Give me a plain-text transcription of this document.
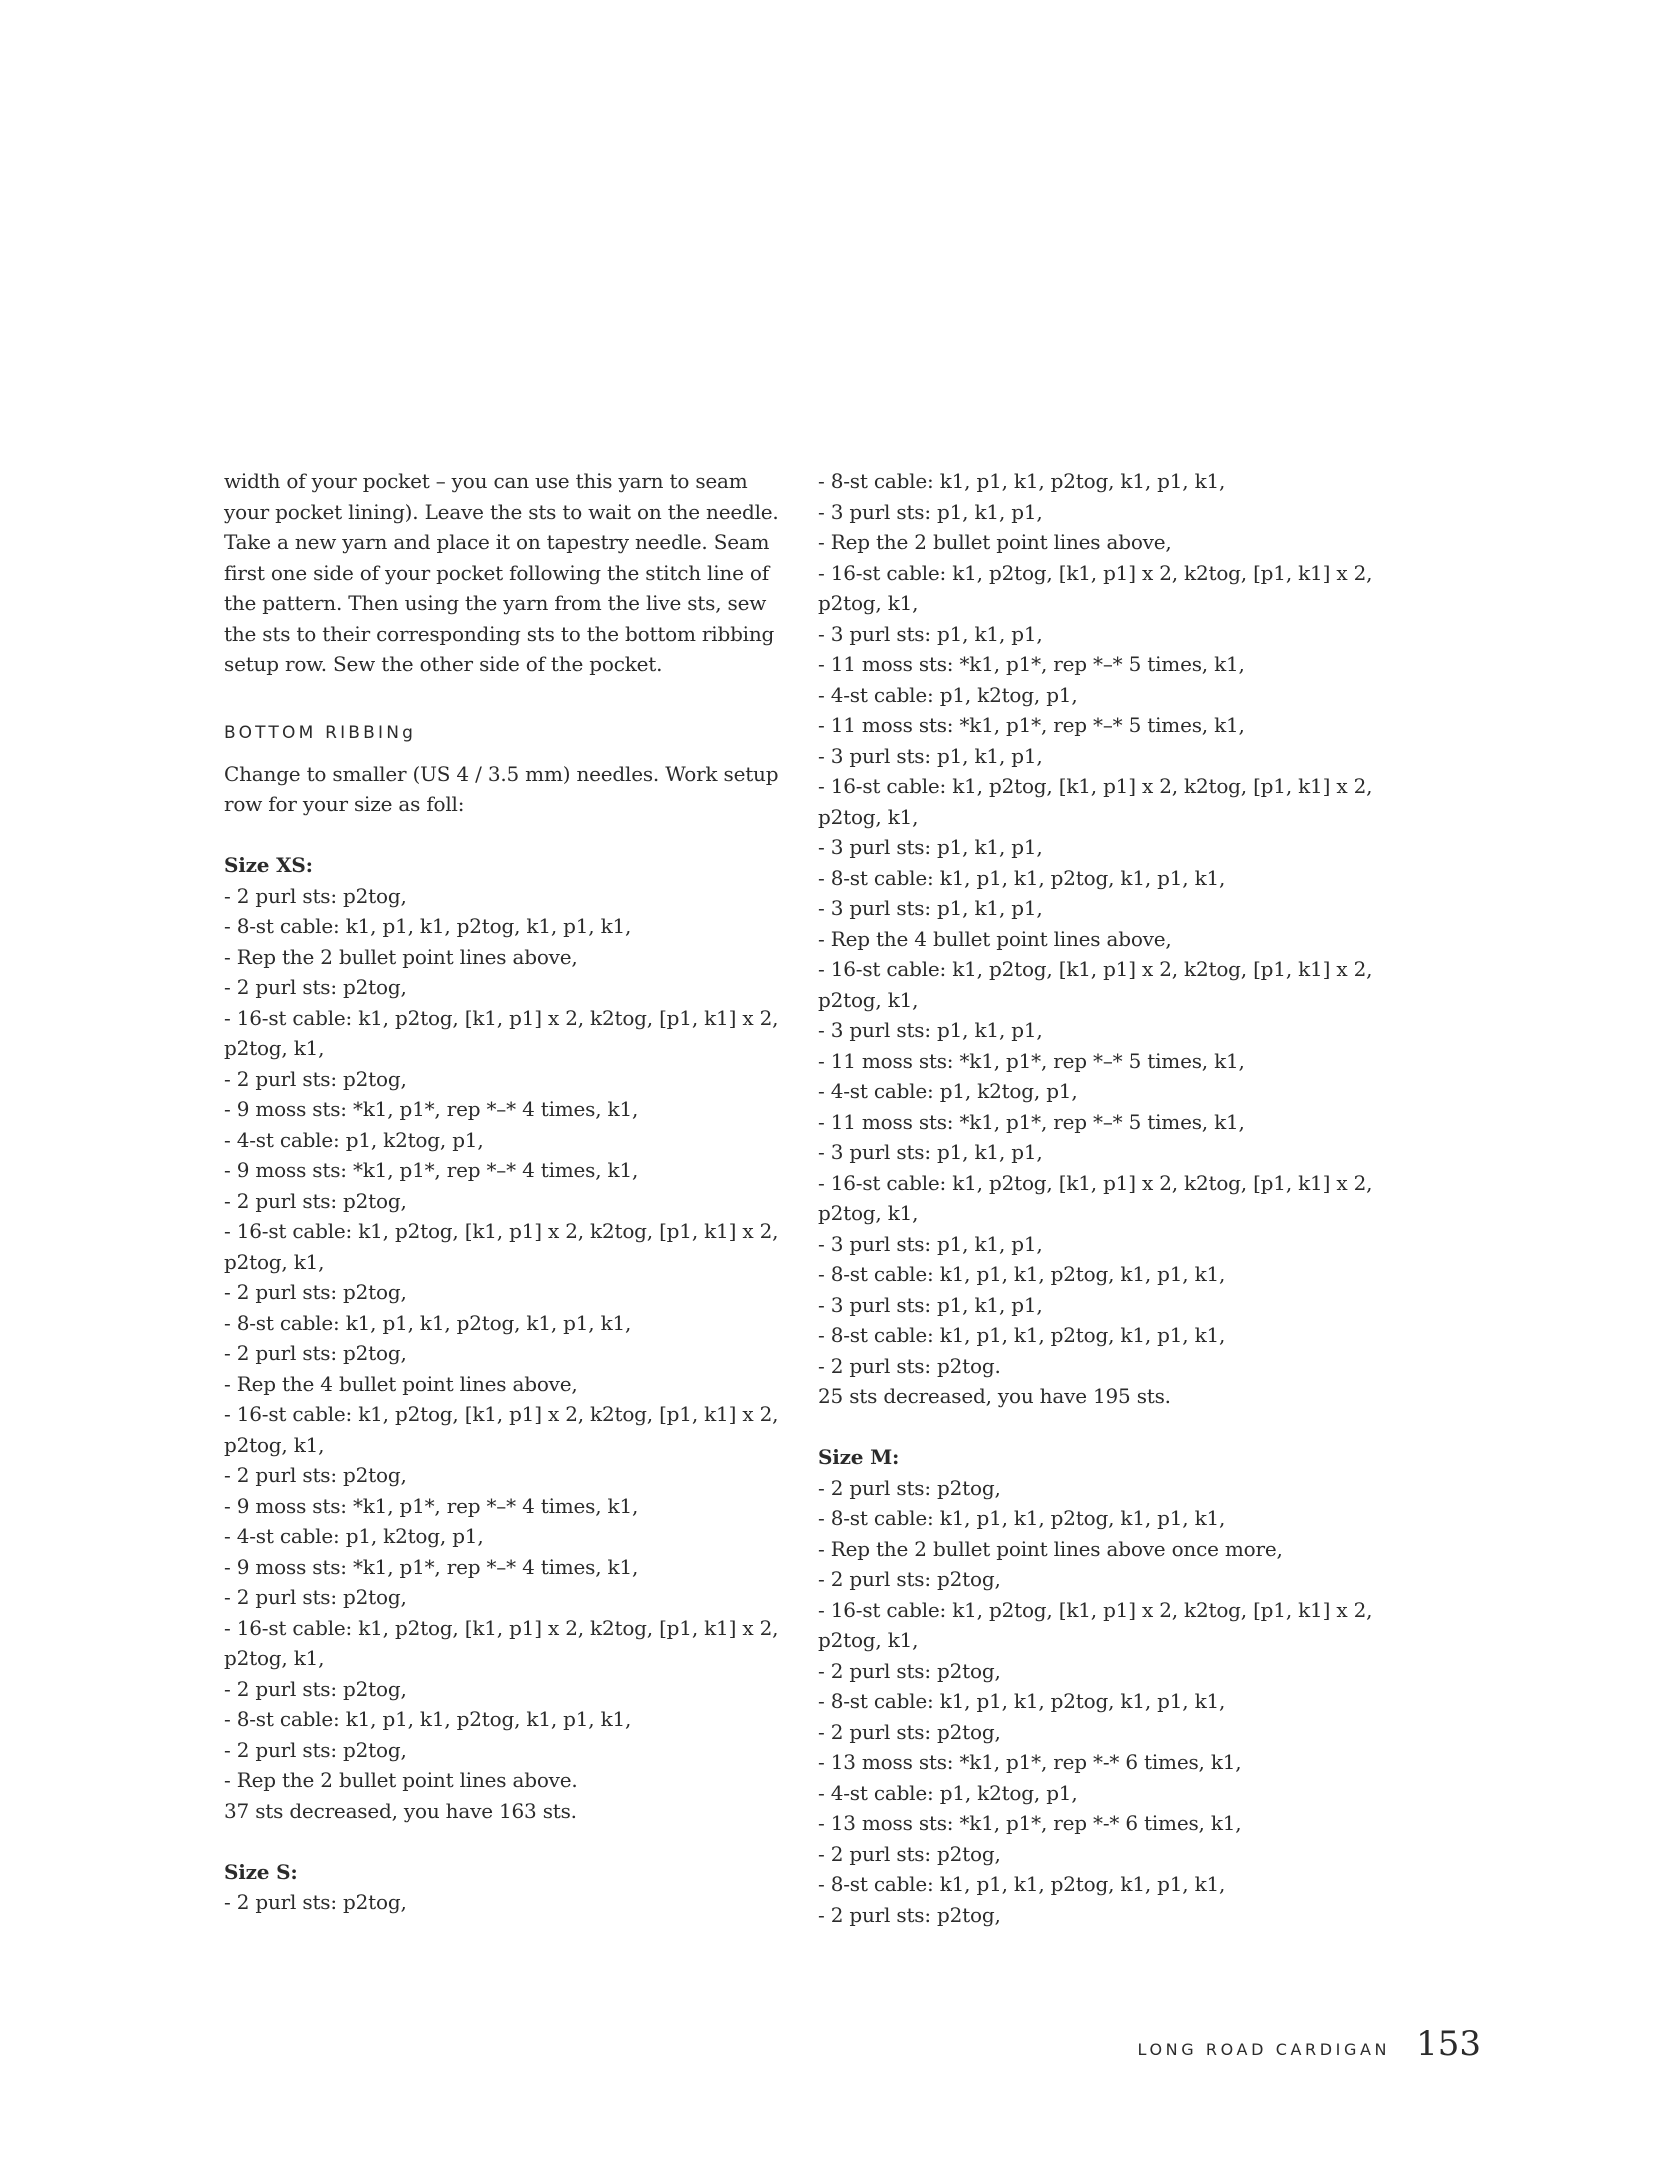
width of your pocket – you can use this yarn to seam
your pocket lining). Leave the sts to wait on the needle.
Take a new yarn and place it on tapestry needle. Seam
first one side of your pocket following the stitch line of
the pattern. Then using the yarn from the live sts, sew
the sts to their corresponding sts to the bottom ribbing
setup row. Sew the other side of the pocket.
BOTTOM RIBBINg
Change to smaller (US 4 / 3.5 mm) needles. Work setup
row for your size as foll:
Size XS:
- 2 purl sts: p2tog,
- 8-st cable: k1, p1, k1, p2tog, k1, p1, k1,
- Rep the 2 bullet point lines above,
- 2 purl sts: p2tog,
- 16-st cable: k1, p2tog, [k1, p1] x 2, k2tog, [p1, k1] x 2,
p2tog, k1,
- 2 purl sts: p2tog,
- 9 moss sts: *k1, p1*, rep *–* 4 times, k1,
- 4-st cable: p1, k2tog, p1,
- 9 moss sts: *k1, p1*, rep *–* 4 times, k1,
- 2 purl sts: p2tog,
- 16-st cable: k1, p2tog, [k1, p1] x 2, k2tog, [p1, k1] x 2,
p2tog, k1,
- 2 purl sts: p2tog,
- 8-st cable: k1, p1, k1, p2tog, k1, p1, k1,
- 2 purl sts: p2tog,
- Rep the 4 bullet point lines above,
- 16-st cable: k1, p2tog, [k1, p1] x 2, k2tog, [p1, k1] x 2,
p2tog, k1,
- 2 purl sts: p2tog,
- 9 moss sts: *k1, p1*, rep *–* 4 times, k1,
- 4-st cable: p1, k2tog, p1,
- 9 moss sts: *k1, p1*, rep *–* 4 times, k1,
- 2 purl sts: p2tog,
- 16-st cable: k1, p2tog, [k1, p1] x 2, k2tog, [p1, k1] x 2,
p2tog, k1,
- 2 purl sts: p2tog,
- 8-st cable: k1, p1, k1, p2tog, k1, p1, k1,
- 2 purl sts: p2tog,
- Rep the 2 bullet point lines above.
37 sts decreased, you have 163 sts.
Size S:
- 2 purl sts: p2tog,
- 8-st cable: k1, p1, k1, p2tog, k1, p1, k1,
- 3 purl sts: p1, k1, p1,
- Rep the 2 bullet point lines above,
- 16-st cable: k1, p2tog, [k1, p1] x 2, k2tog, [p1, k1] x 2,
p2tog, k1,
- 3 purl sts: p1, k1, p1,
- 11 moss sts: *k1, p1*, rep *–* 5 times, k1,
- 4-st cable: p1, k2tog, p1,
- 11 moss sts: *k1, p1*, rep *–* 5 times, k1,
- 3 purl sts: p1, k1, p1,
- 16-st cable: k1, p2tog, [k1, p1] x 2, k2tog, [p1, k1] x 2,
p2tog, k1,
- 3 purl sts: p1, k1, p1,
- 8-st cable: k1, p1, k1, p2tog, k1, p1, k1,
- 3 purl sts: p1, k1, p1,
- Rep the 4 bullet point lines above,
- 16-st cable: k1, p2tog, [k1, p1] x 2, k2tog, [p1, k1] x 2,
p2tog, k1,
- 3 purl sts: p1, k1, p1,
- 11 moss sts: *k1, p1*, rep *–* 5 times, k1,
- 4-st cable: p1, k2tog, p1,
- 11 moss sts: *k1, p1*, rep *–* 5 times, k1,
- 3 purl sts: p1, k1, p1,
- 16-st cable: k1, p2tog, [k1, p1] x 2, k2tog, [p1, k1] x 2,
p2tog, k1,
- 3 purl sts: p1, k1, p1,
- 8-st cable: k1, p1, k1, p2tog, k1, p1, k1,
- 3 purl sts: p1, k1, p1,
- 8-st cable: k1, p1, k1, p2tog, k1, p1, k1,
- 2 purl sts: p2tog.
25 sts decreased, you have 195 sts.
Size M:
- 2 purl sts: p2tog,
- 8-st cable: k1, p1, k1, p2tog, k1, p1, k1,
- Rep the 2 bullet point lines above once more,
- 2 purl sts: p2tog,
- 16-st cable: k1, p2tog, [k1, p1] x 2, k2tog, [p1, k1] x 2,
p2tog, k1,
- 2 purl sts: p2tog,
- 8-st cable: k1, p1, k1, p2tog, k1, p1, k1,
- 2 purl sts: p2tog,
- 13 moss sts: *k1, p1*, rep *-* 6 times, k1,
- 4-st cable: p1, k2tog, p1,
- 13 moss sts: *k1, p1*, rep *-* 6 times, k1,
- 2 purl sts: p2tog,
- 8-st cable: k1, p1, k1, p2tog, k1, p1, k1,
- 2 purl sts: p2tog,
LONG ROAD CARDIGAN 153
